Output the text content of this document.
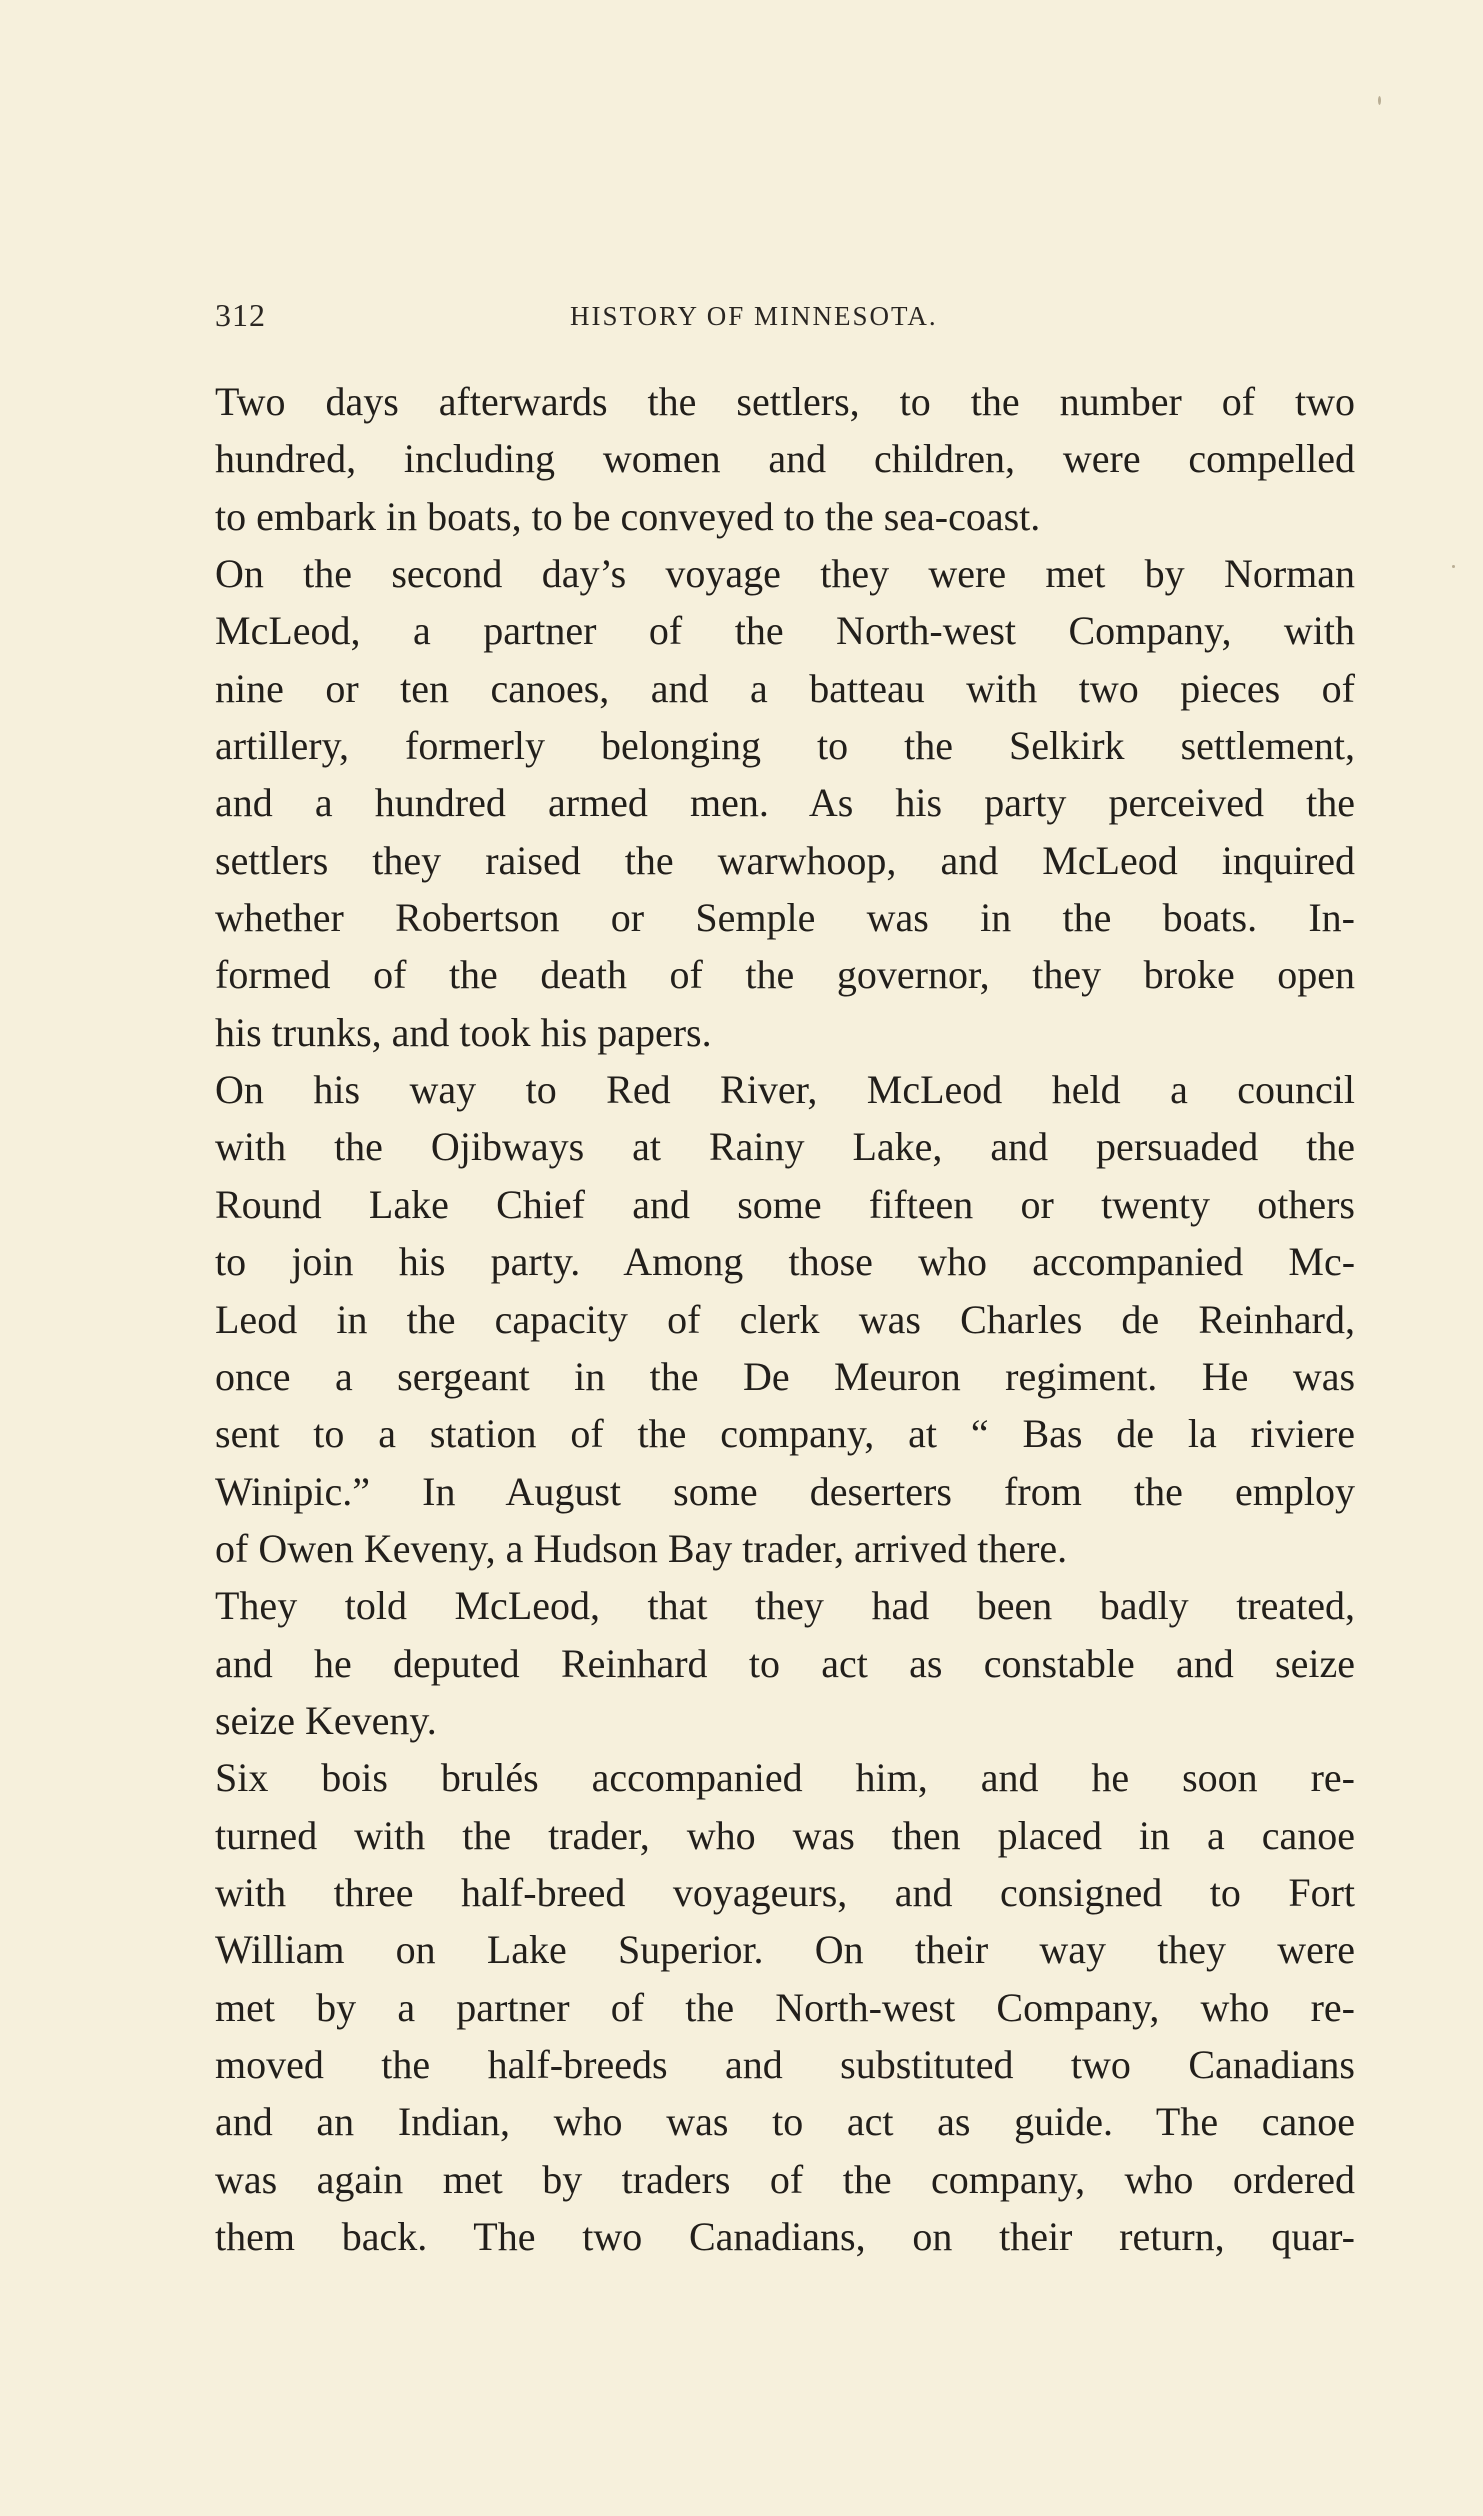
312	HISTORY OF MINNESOTA.
Two days afterwards the settlers, to the number of two
hundred, including women and children, were compelled
to embark in boats, to be conveyed to the sea-coast.
On the second day’s voyage they were met by Norman
McLeod, a partner of the North-west Company, with
nine or ten canoes, and a batteau with two pieces of
artillery, formerly belonging to the Selkirk settlement,
and a hundred armed men. As his party perceived the
settlers they raised the warwhoop, and McLeod inquired
whether Robertson or Semple was in the boats. In-
formed of the death of the governor, they broke open
his trunks, and took his papers.
On his way to Red River, McLeod held a council
with the Ojibways at Rainy Lake, and persuaded the
Round Lake Chief and some fifteen or twenty others
to join his party. Among those who accompanied Mc-
Leod in the capacity of clerk was Charles de Reinhard,
once a sergeant in the De Meuron regiment. He was
sent to a station of the company, at “ Bas de la riviere
Winipic.” In August some deserters from the employ
of Owen Keveny, a Hudson Bay trader, arrived there.
They told McLeod, that they had been badly treated,
and he deputed Reinhard to act as constable and seize
seize Keveny.
Six bois brulés accompanied him, and he soon re-
turned with the trader, who was then placed in a canoe
with three half-breed voyageurs, and consigned to Fort
William on Lake Superior. On their way they were
met by a partner of the North-west Company, who re-
moved the half-breeds and substituted two Canadians
and an Indian, who was to act as guide. The canoe
was again met by traders of the company, who ordered
them back. The two Canadians, on their return, quar-
